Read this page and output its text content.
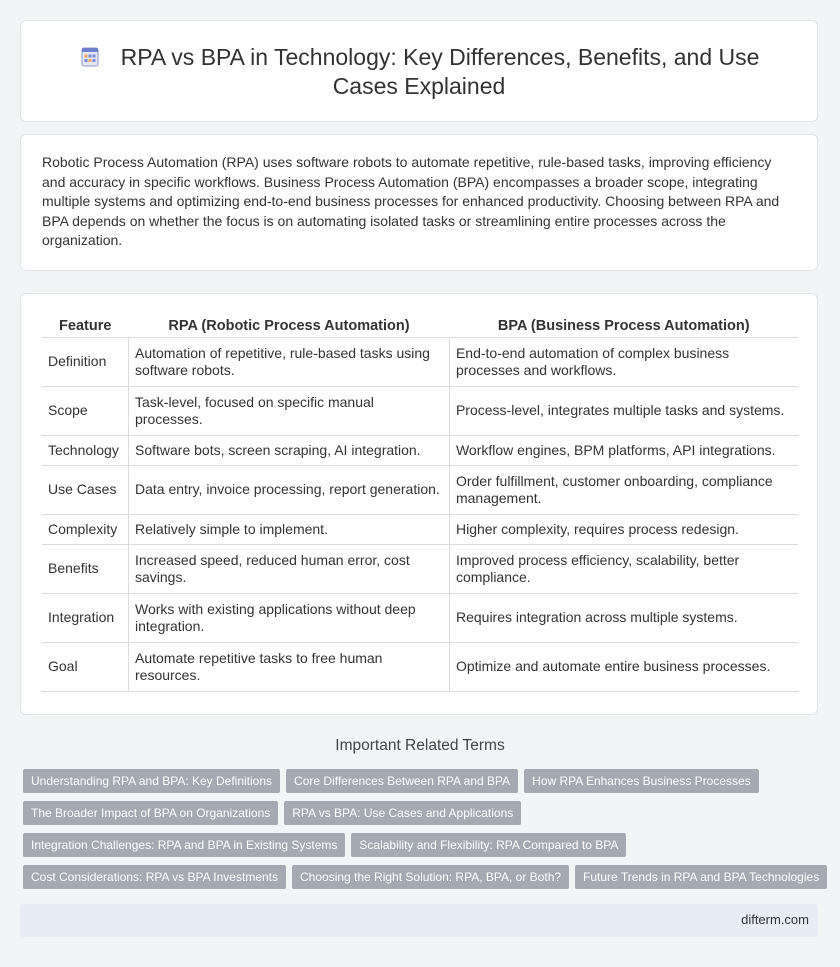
RPA vs BPA in Technology: Key Differences, Benefits, and Use Cases Explained

Robotic Process Automation (RPA) uses software robots to automate repetitive, rule-based tasks, improving efficiency and accuracy in specific workflows. Business Process Automation (BPA) encompasses a broader scope, integrating multiple systems and optimizing end-to-end business processes for enhanced productivity. Choosing between RPA and BPA depends on whether the focus is on automating isolated tasks or streamlining entire processes across the organization.

Feature	RPA (Robotic Process Automation)	BPA (Business Process Automation)
Definition	Automation of repetitive, rule-based tasks using software robots.	End-to-end automation of complex business processes and workflows.
Scope	Task-level, focused on specific manual processes.	Process-level, integrates multiple tasks and systems.
Technology	Software bots, screen scraping, AI integration.	Workflow engines, BPM platforms, API integrations.
Use Cases	Data entry, invoice processing, report generation.	Order fulfillment, customer onboarding, compliance management.
Complexity	Relatively simple to implement.	Higher complexity, requires process redesign.
Benefits	Increased speed, reduced human error, cost savings.	Improved process efficiency, scalability, better compliance.
Integration	Works with existing applications without deep integration.	Requires integration across multiple systems.
Goal	Automate repetitive tasks to free human resources.	Optimize and automate entire business processes.
Important Related Terms
Understanding RPA and BPA: Key Definitions Core Differences Between RPA and BPA How RPA Enhances Business Processes
The Broader Impact of BPA on Organizations RPA vs BPA: Use Cases and Applications
Integration Challenges: RPA and BPA in Existing Systems Scalability and Flexibility: RPA Compared to BPA
Cost Considerations: RPA vs BPA Investments Choosing the Right Solution: RPA, BPA, or Both? Future Trends in RPA and BPA Technologies
difterm.com
